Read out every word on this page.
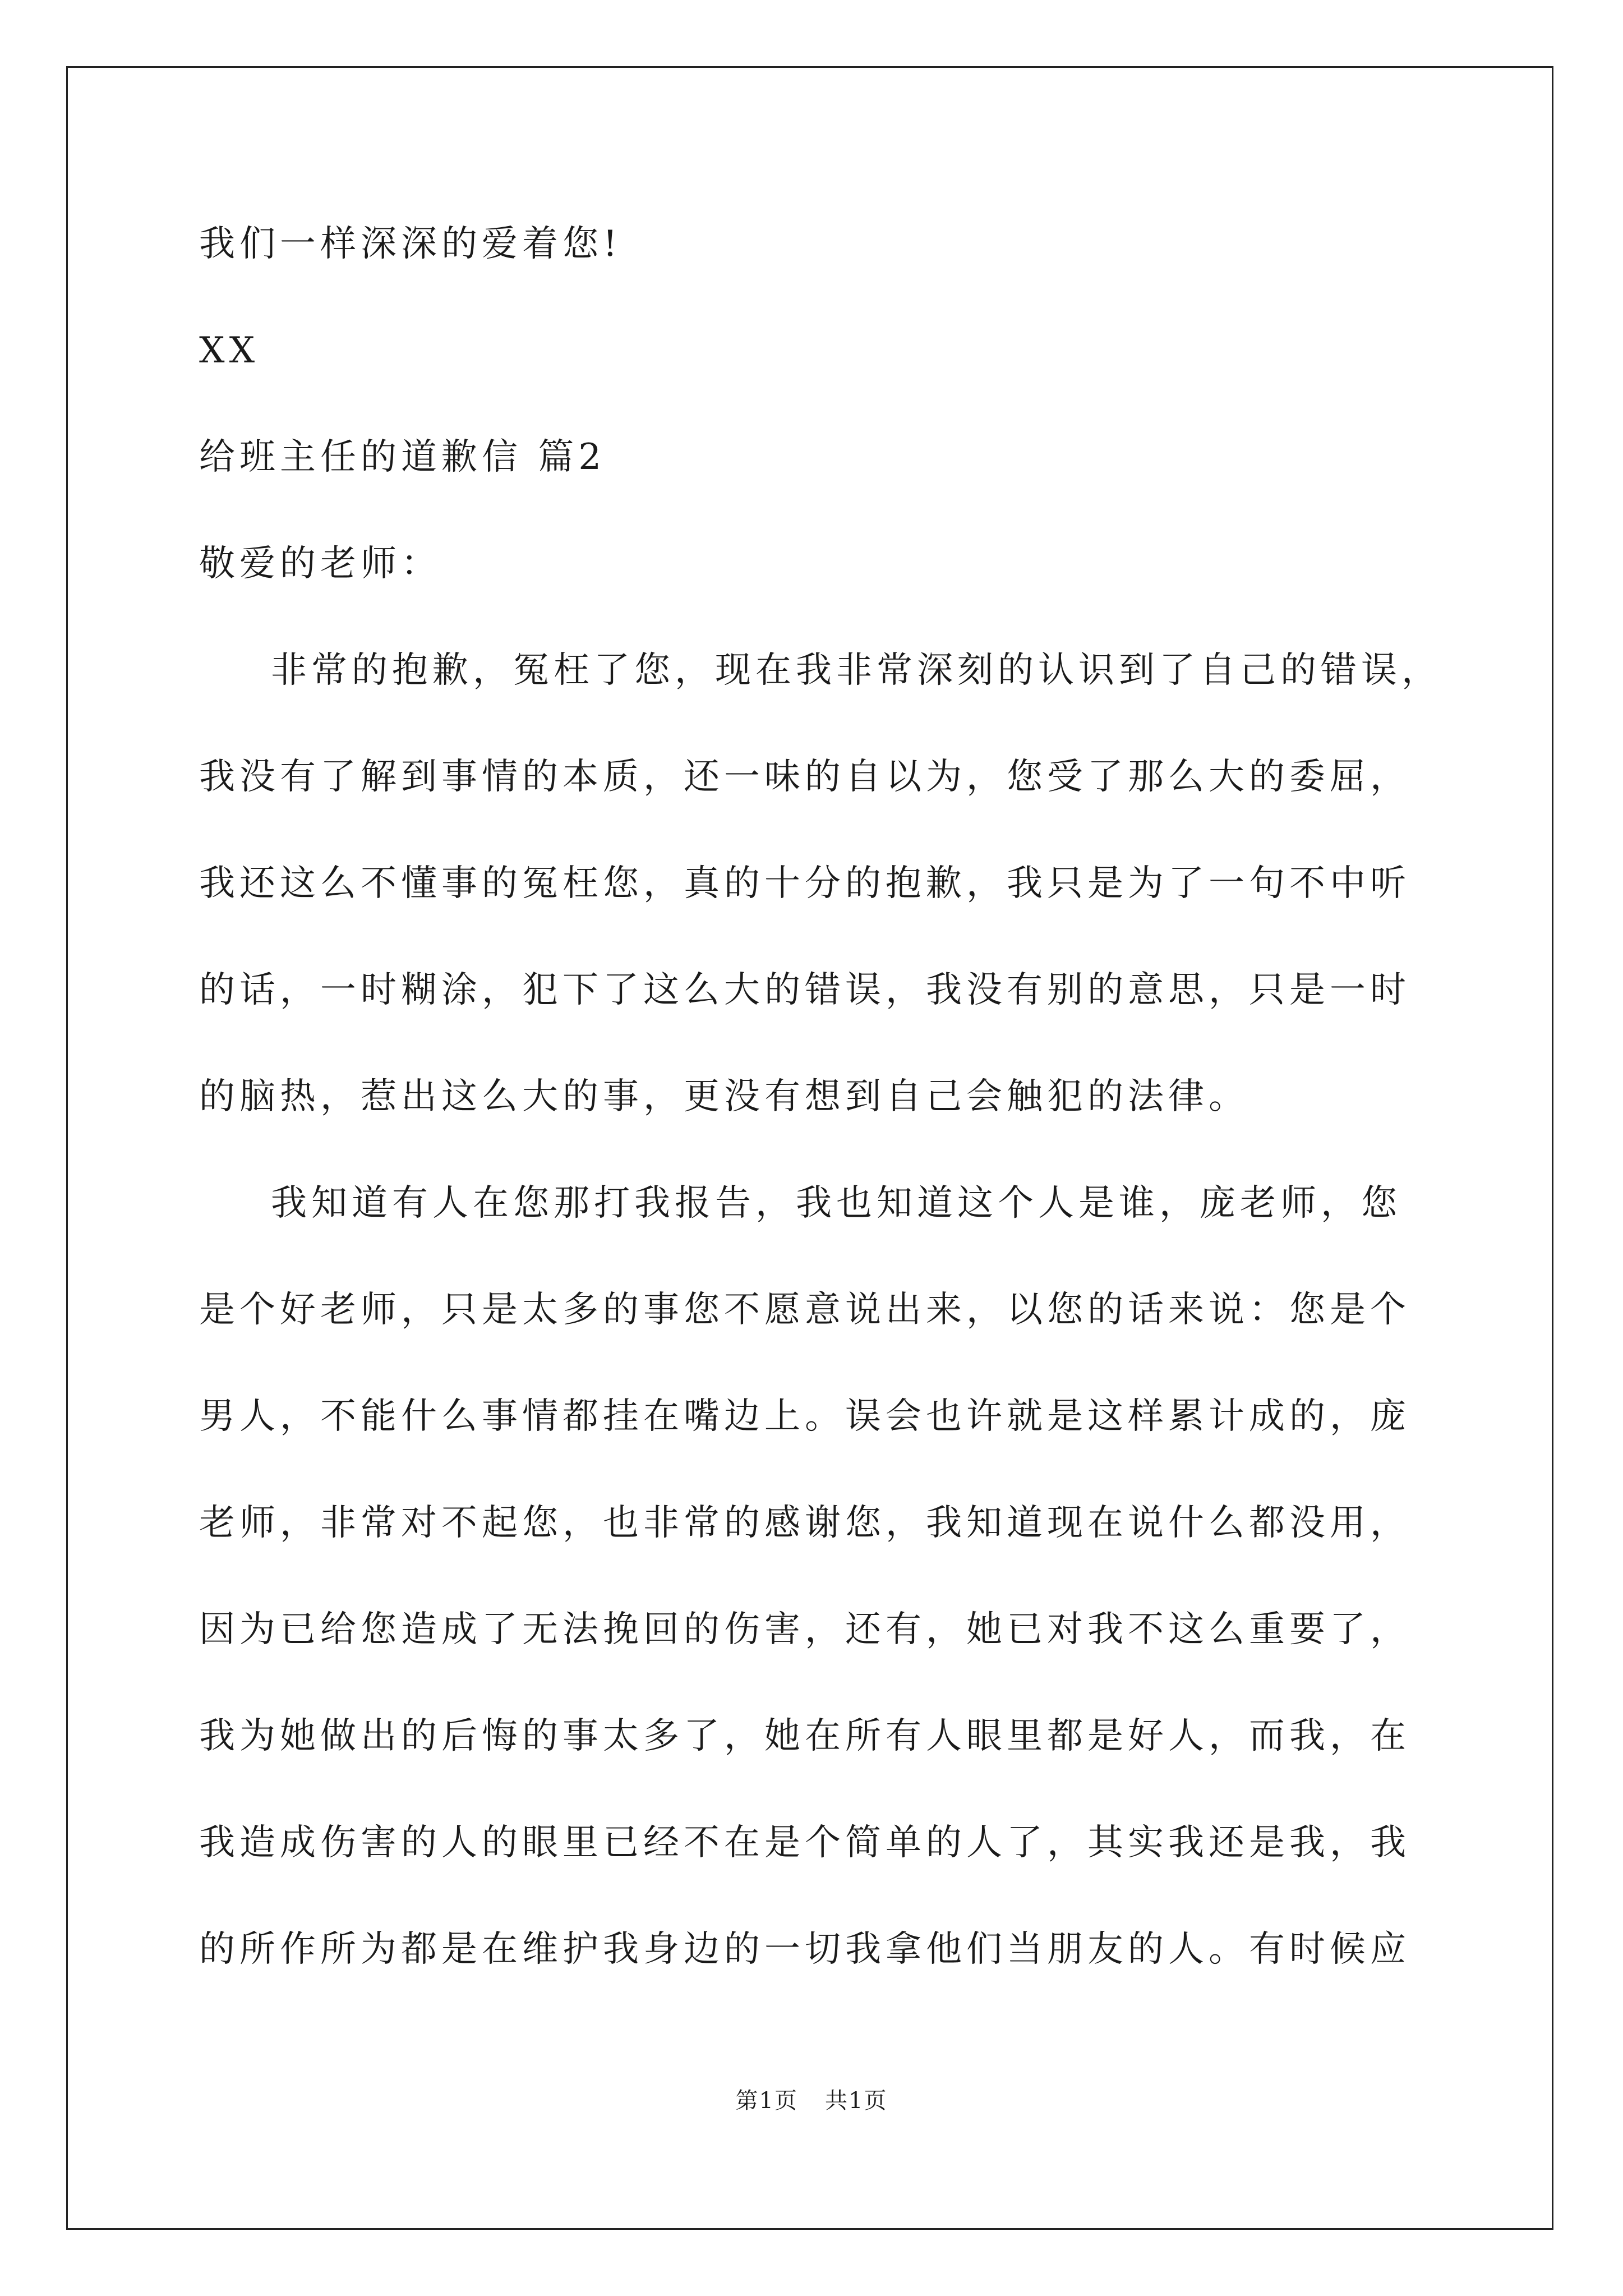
我们一样深深的爱着您!
XX
给班主任的道歉信 篇2
敬爱的老师：
非常的抱歉，冤枉了您，现在我非常深刻的认识到了自己的错误，
我没有了解到事情的本质，还一味的自以为，您受了那么大的委屈，
我还这么不懂事的冤枉您，真的十分的抱歉，我只是为了一句不中听
的话，一时糊涂，犯下了这么大的错误，我没有别的意思，只是一时
的脑热，惹出这么大的事，更没有想到自己会触犯的法律。
我知道有人在您那打我报告，我也知道这个人是谁，庞老师，您
是个好老师，只是太多的事您不愿意说出来，以您的话来说：您是个
男人，不能什么事情都挂在嘴边上。误会也许就是这样累计成的，庞
老师，非常对不起您，也非常的感谢您，我知道现在说什么都没用，
因为已给您造成了无法挽回的伤害，还有，她已对我不这么重要了，
我为她做出的后悔的事太多了，她在所有人眼里都是好人，而我，在
我造成伤害的人的眼里已经不在是个简单的人了，其实我还是我，我
的所作所为都是在维护我身边的一切我拿他们当朋友的人。有时候应
第1页 共1页
